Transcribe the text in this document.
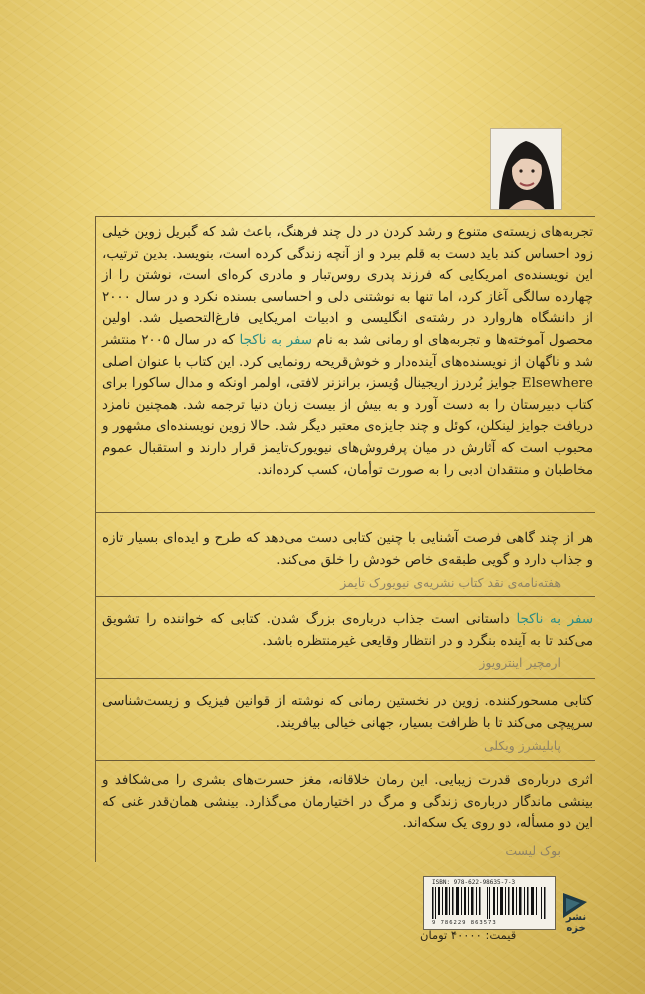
تجربه‌های زیسته‌ی متنوع و رشد کردن در دل چند فرهنگ، باعث شد که گبریل زوین خیلی زود احساس کند باید دست به قلم ببرد و از آنچه زندگی کرده است، بنویسد. بدین ترتیب، این نویسنده‌ی امریکایی که فرزند پدری روس‌تبار و مادری کره‌ای است، نوشتن را از چهارده سالگی آغاز کرد، اما تنها به نوشتنی دلی و احساسی بسنده نکرد و در سال ۲۰۰۰ از دانشگاه هاروارد در رشته‌ی انگلیسی و ادبیات امریکایی فارغ‌التحصیل شد. اولین محصول آموخته‌ها و تجربه‌های او رمانی شد به نام سفر به ناکجا که در سال ۲۰۰۵ منتشر شد و ناگهان از نویسنده‌های آینده‌دار و خوش‌قریحه رونمایی کرد. این کتاب با عنوان اصلی Elsewhere جوایز بُردرز اریجینال وُیسز، برانزنر لافتی، اولمر اونکه و مدال ساکورا برای کتاب دبیرستان را به دست آورد و به بیش از بیست زبان دنیا ترجمه شد. همچنین نامزد دریافت جوایز لینکلن، کوئل و چند جایزه‌ی معتبر دیگر شد. حالا زوین نویسنده‌ای مشهور و محبوب است که آثارش در میان پرفروش‌های نیویورک‌تایمز قرار دارند و استقبال عموم مخاطبان و منتقدان ادبی را به صورت توأمان، کسب کرده‌اند.

هر از چند گاهی فرصت آشنایی با چنین کتابی دست می‌دهد که طرح و ایده‌ای بسیار تازه و جذاب دارد و گویی طبقه‌ی خاص خودش را خلق می‌کند.

هفته‌نامه‌ی نقد کتاب نشریه‌ی نیویورک تایمز

سفر به ناکجا داستانی است جذاب درباره‌ی بزرگ شدن. کتابی که خواننده را تشویق می‌کند تا به آینده بنگرد و در انتظار وقایعی غیرمنتظره باشد.

ارمچیر اینترویوز

کتابی مسحورکننده. زوین در نخستین رمانی که نوشته از قوانین فیزیک و زیست‌شناسی سرپیچی می‌کند تا با ظرافت بسیار، جهانی خیالی بیافریند.

پابلیشرز ویکلی

اثری درباره‌ی قدرت زیبایی. این رمان خلاقانه، مغز حسرت‌های بشری را می‌شکافد و بینشی ماندگار درباره‌ی زندگی و مرگ در اختیارمان می‌گذارد. بینشی همان‌قدر غنی که این دو مسأله، دو روی یک سکه‌اند.

بوک لیست
ISBN: 978-622-98635-7-3
9 786229 863573	نشر خزه
قیمت: ۴۰۰۰۰ تومان
